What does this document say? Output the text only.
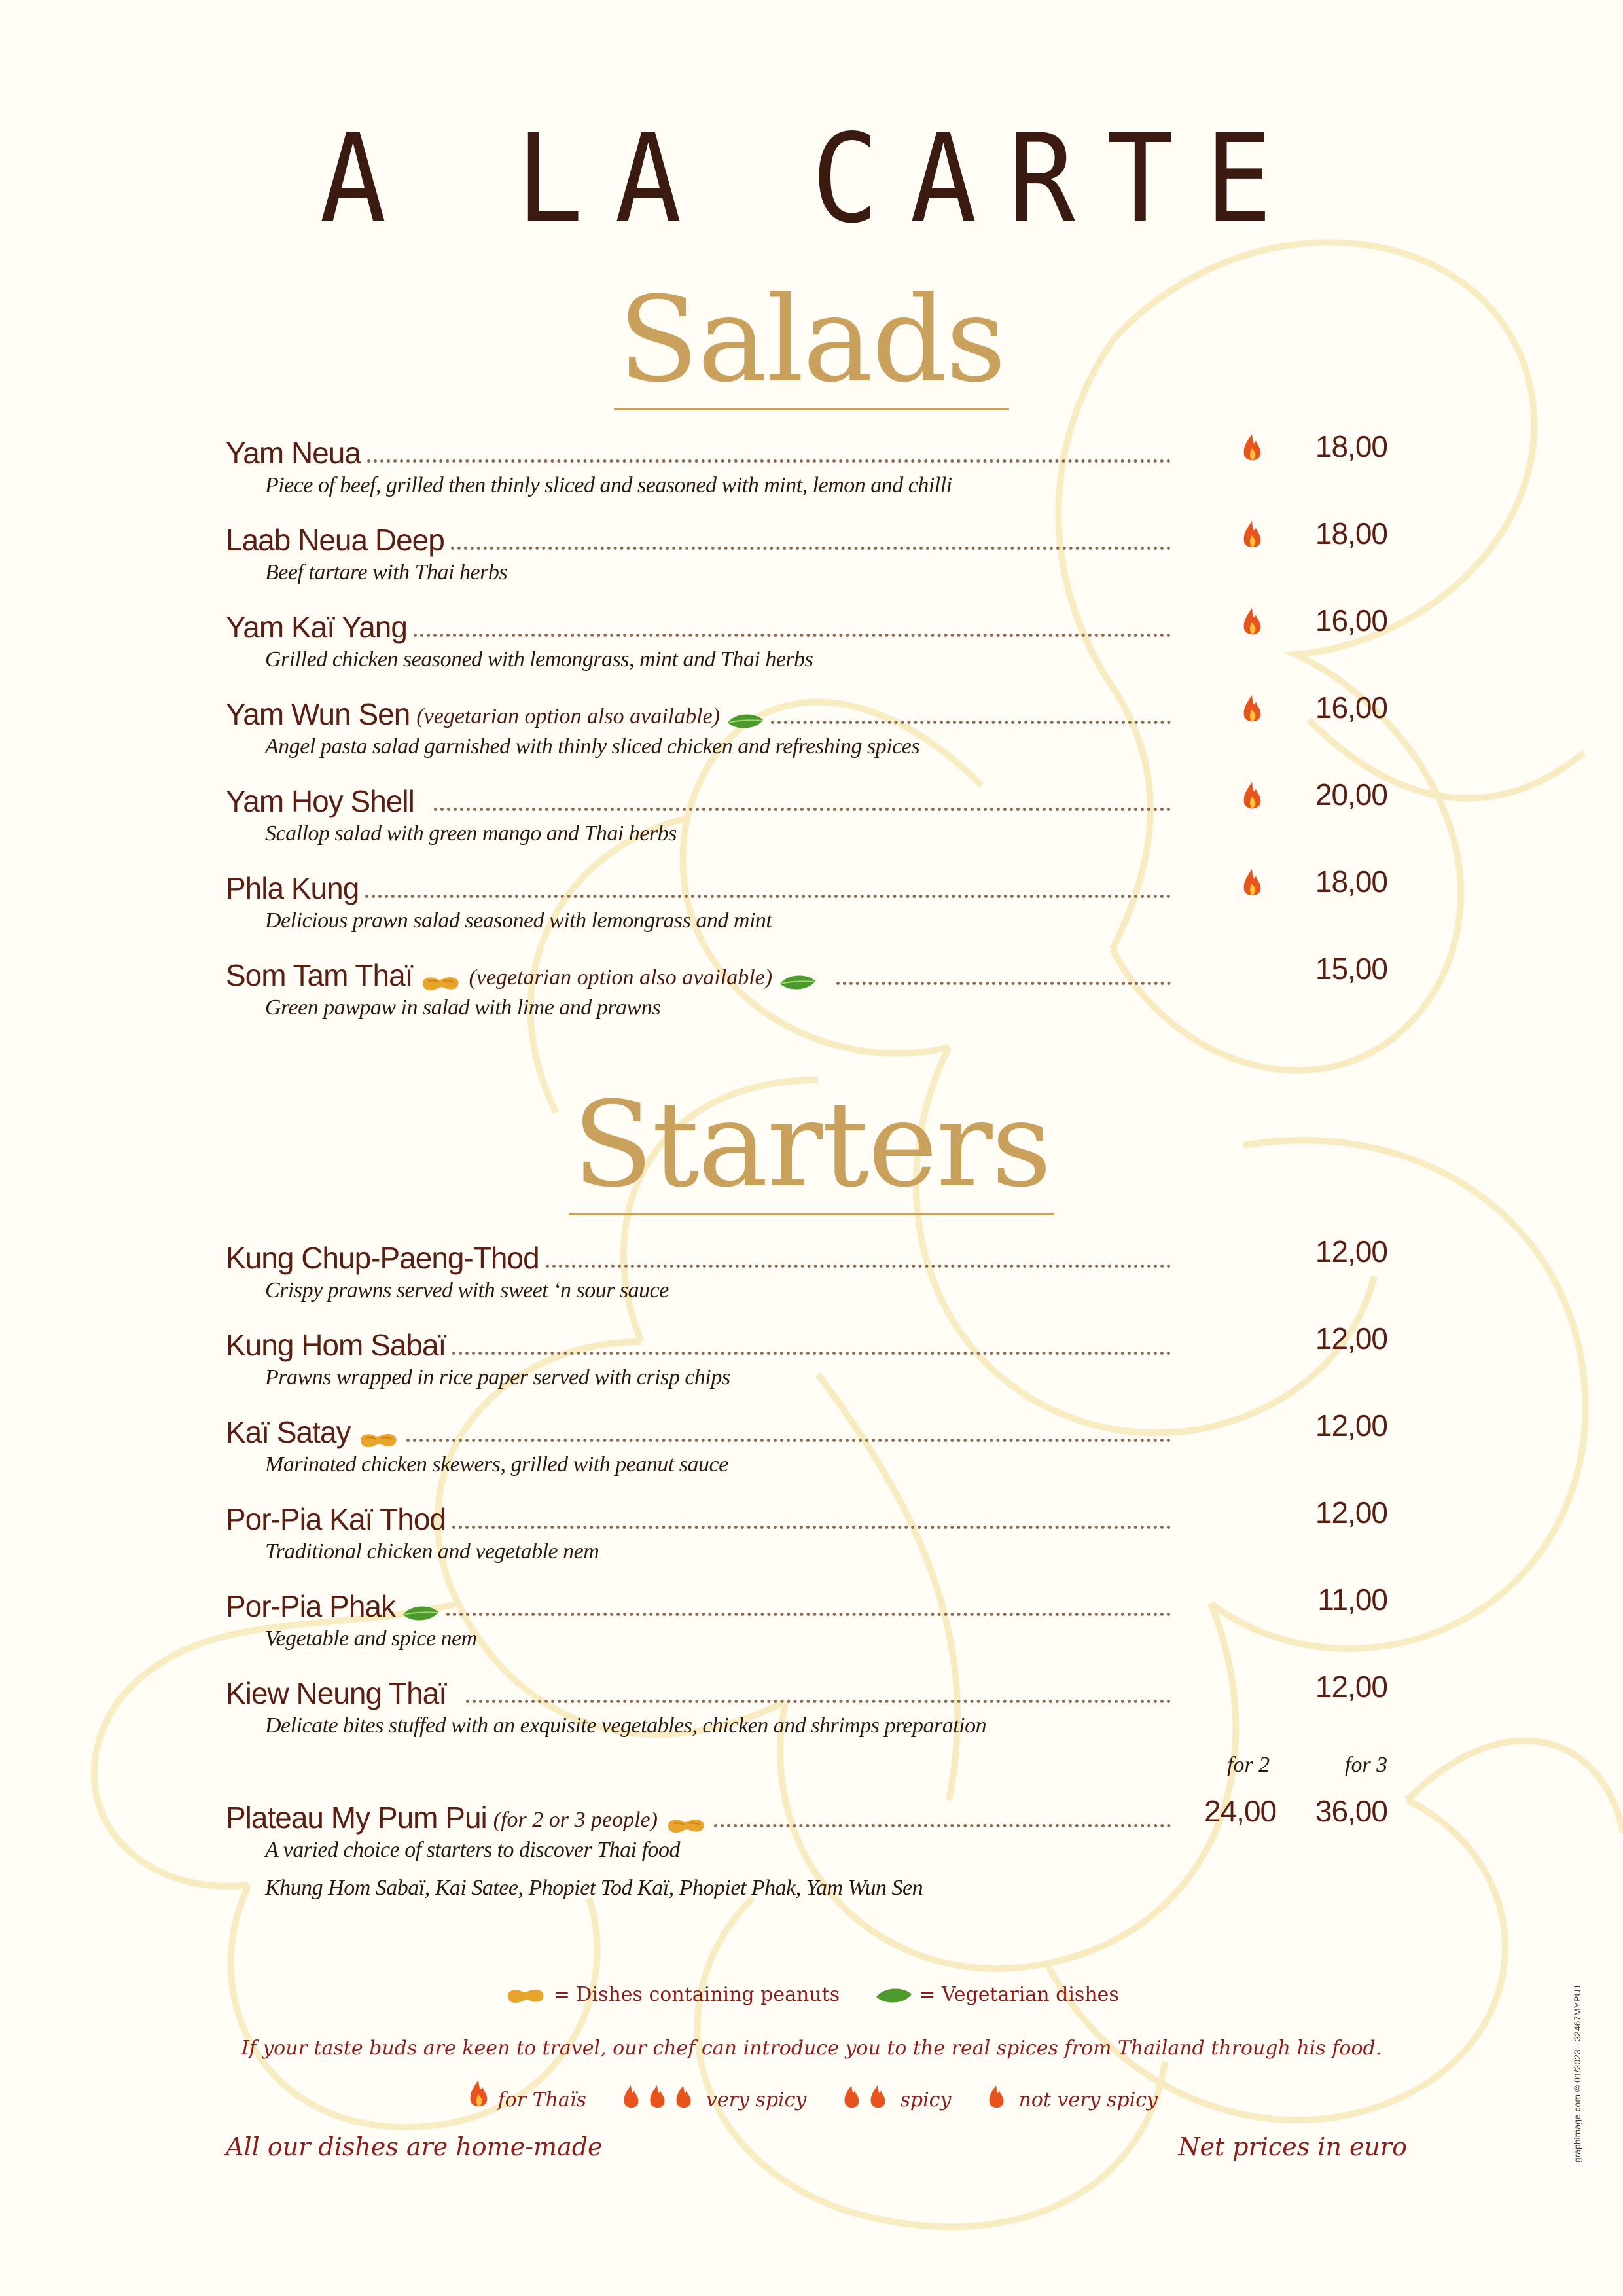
A LA CARTE
Salads
Yam Neua	18,00
Piece of beef, grilled then thinly sliced and seasoned with mint, lemon and chilli
Laab Neua Deep	18,00
Beef tartare with Thai herbs
Yam Kaï Yang	16,00
Grilled chicken seasoned with lemongrass, mint and Thai herbs
Yam Wun Sen (vegetarian option also available)	16,00
Angel pasta salad garnished with thinly sliced chicken and refreshing spices
Yam Hoy Shell	20,00
Scallop salad with green mango and Thai herbs
Phla Kung	18,00
Delicious prawn salad seasoned with lemongrass and mint
Som Tam Thaï	(vegetarian option also available)	15,00
Green pawpaw in salad with lime and prawns
Starters
Kung Chup-Paeng-Thod	12,00
Crispy prawns served with sweet ‘n sour sauce
Kung Hom Sabaï	12,00
Prawns wrapped in rice paper served with crisp chips
Kaï Satay	12,00
Marinated chicken skewers, grilled with peanut sauce
Por-Pia Kaï Thod	12,00
Traditional chicken and vegetable nem
Por-Pia Phak	11,00
Vegetable and spice nem
Kiew Neung Thaï	12,00
Delicate bites stuffed with an exquisite vegetables, chicken and shrimps preparation
for 2	for 3
Plateau My Pum Pui (for 2 or 3 people)	24,00	36,00
A varied choice of starters to discover Thai food
Khung Hom Sabaï, Kai Satee, Phopiet Tod Kaï, Phopiet Phak, Yam Wun Sen
= Dishes containing peanuts	= Vegetarian dishes
If your taste buds are keen to travel, our chef can introduce you to the real spices from Thailand through his food.
for Thaïs	very spicy	spicy	not very spicy
All our dishes are home-made	Net prices in euro	graphimage.com © 01/2023 - 32467MYPU1
